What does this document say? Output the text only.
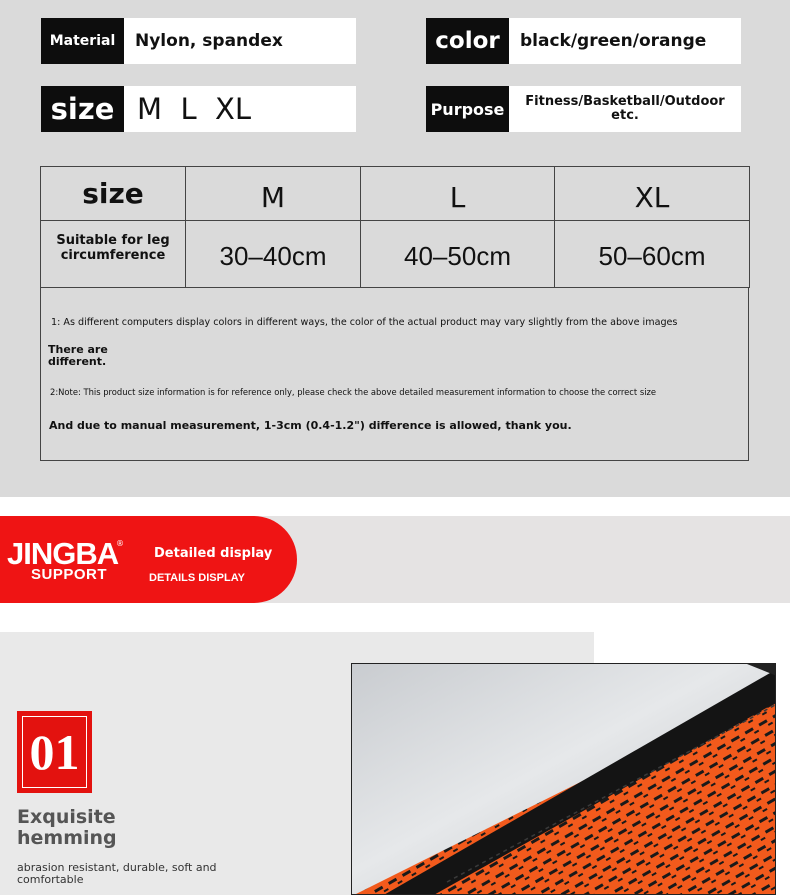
Material	Nylon, spandex	color	black/green/orange
size M  L  XL	Purpose	Fitness/Basketball/Outdoor etc.
size	M	L	XL
Suitable for leg circumference	30–40cm	40–50cm	50–60cm
1: As different computers display colors in different ways, the color of the actual product may vary slightly from the above images
There are different.
2:Note: This product size information is for reference only, please check the above detailed measurement information to choose the correct size
And due to manual measurement, 1-3cm (0.4-1.2") difference is allowed, thank you.
JINGBA
®
SUPPORT
Detailed display
DETAILS DISPLAY
01
Exquisite hemming
abrasion resistant, durable, soft and comfortable
